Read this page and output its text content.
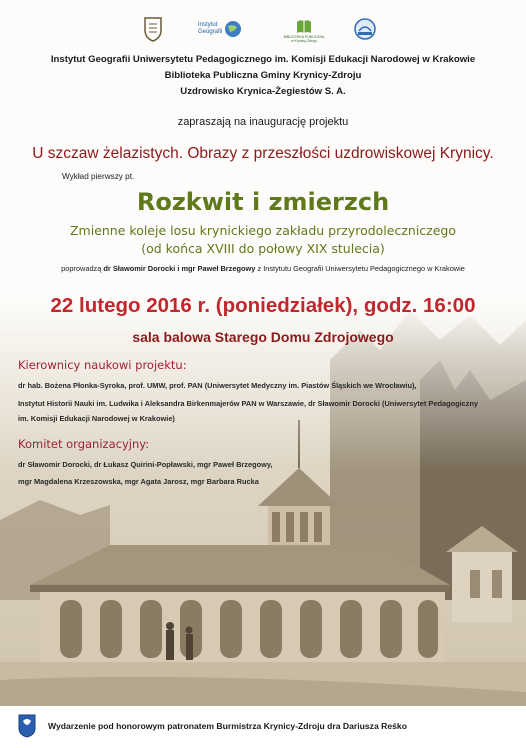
Instytut
Geografii
BIBLIOTEKA PUBLICZNA
w Krynicy-Zdroju
Instytut Geografii Uniwersytetu Pedagogicznego im. Komisji Edukacji Narodowej w Krakowie
Biblioteka Publiczna Gminy Krynicy-Zdroju
Uzdrowisko Krynica-Żegiestów S. A.
zapraszają na inaugurację projektu
U szczaw żelazistych. Obrazy z przeszłości uzdrowiskowej Krynicy.
Wykład pierwszy pt.
Rozkwit i zmierzch
Zmienne koleje losu krynickiego zakładu przyrodoleczniczego
(od końca XVIII do połowy XIX stulecia)
poprowadzą dr Sławomir Dorocki i mgr Paweł Brzegowy z Instytutu Geografii Uniwersytetu Pedagogicznego w Krakowie
22 lutego 2016 r. (poniedziałek), godz. 16:00
sala balowa Starego Domu Zdrojowego
Kierownicy naukowi projektu:
dr hab. Bożena Płonka-Syroka, prof. UMW, prof. PAN (Uniwersytet Medyczny im. Piastów Śląskich we Wrocławiu),
Instytut Historii Nauki im. Ludwika i Aleksandra Birkenmajerów PAN w Warszawie, dr Sławomir Dorocki (Uniwersytet Pedagogiczny
im. Komisji Edukacji Narodowej w Krakowie)
Komitet organizacyjny:
dr Sławomir Dorocki, dr Łukasz Quirini-Popławski, mgr Paweł Brzegowy,
mgr Magdalena Krzeszowska, mgr Agata Jarosz, mgr Barbara Rucka
Wydarzenie pod honorowym patronatem Burmistrza Krynicy-Zdroju dra Dariusza Reśko
